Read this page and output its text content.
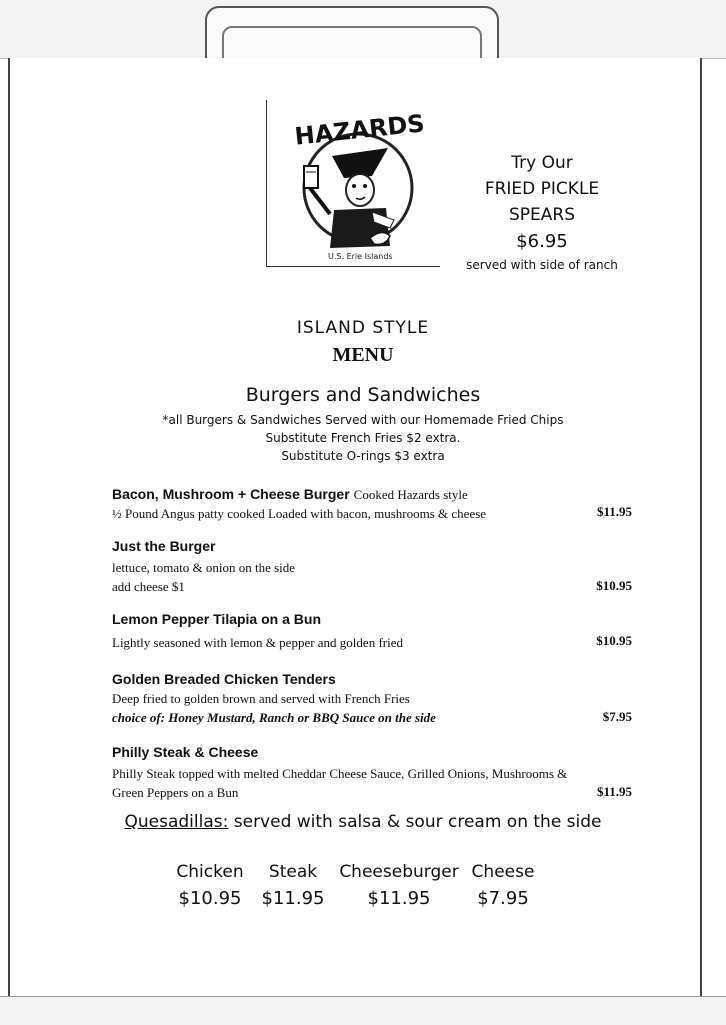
HAZARDS
U.S. Erie Islands
Try Our
FRIED PICKLE
SPEARS
$6.95
served with side of ranch
ISLAND STYLE
MENU
Burgers and Sandwiches
*all Burgers & Sandwiches Served with our Homemade Fried Chips
Substitute French Fries $2 extra.
Substitute O-rings $3 extra
Bacon, Mushroom + Cheese Burger Cooked Hazards style
½ Pound Angus patty cooked Loaded with bacon, mushrooms & cheese	$11.95
Just the Burger
lettuce, tomato & onion on the side
add cheese $1	$10.95
Lemon Pepper Tilapia on a Bun
Lightly seasoned with lemon & pepper and golden fried	$10.95
Golden Breaded Chicken Tenders
Deep fried to golden brown and served with French Fries
choice of: Honey Mustard, Ranch or BBQ Sauce on the side	$7.95
Philly Steak & Cheese
Philly Steak topped with melted Cheddar Cheese Sauce, Grilled Onions, Mushrooms &
Green Peppers on a Bun	$11.95
Quesadillas: served with salsa & sour cream on the side
Chicken
$10.95
Steak
$11.95
Cheeseburger
$11.95
Cheese
$7.95
